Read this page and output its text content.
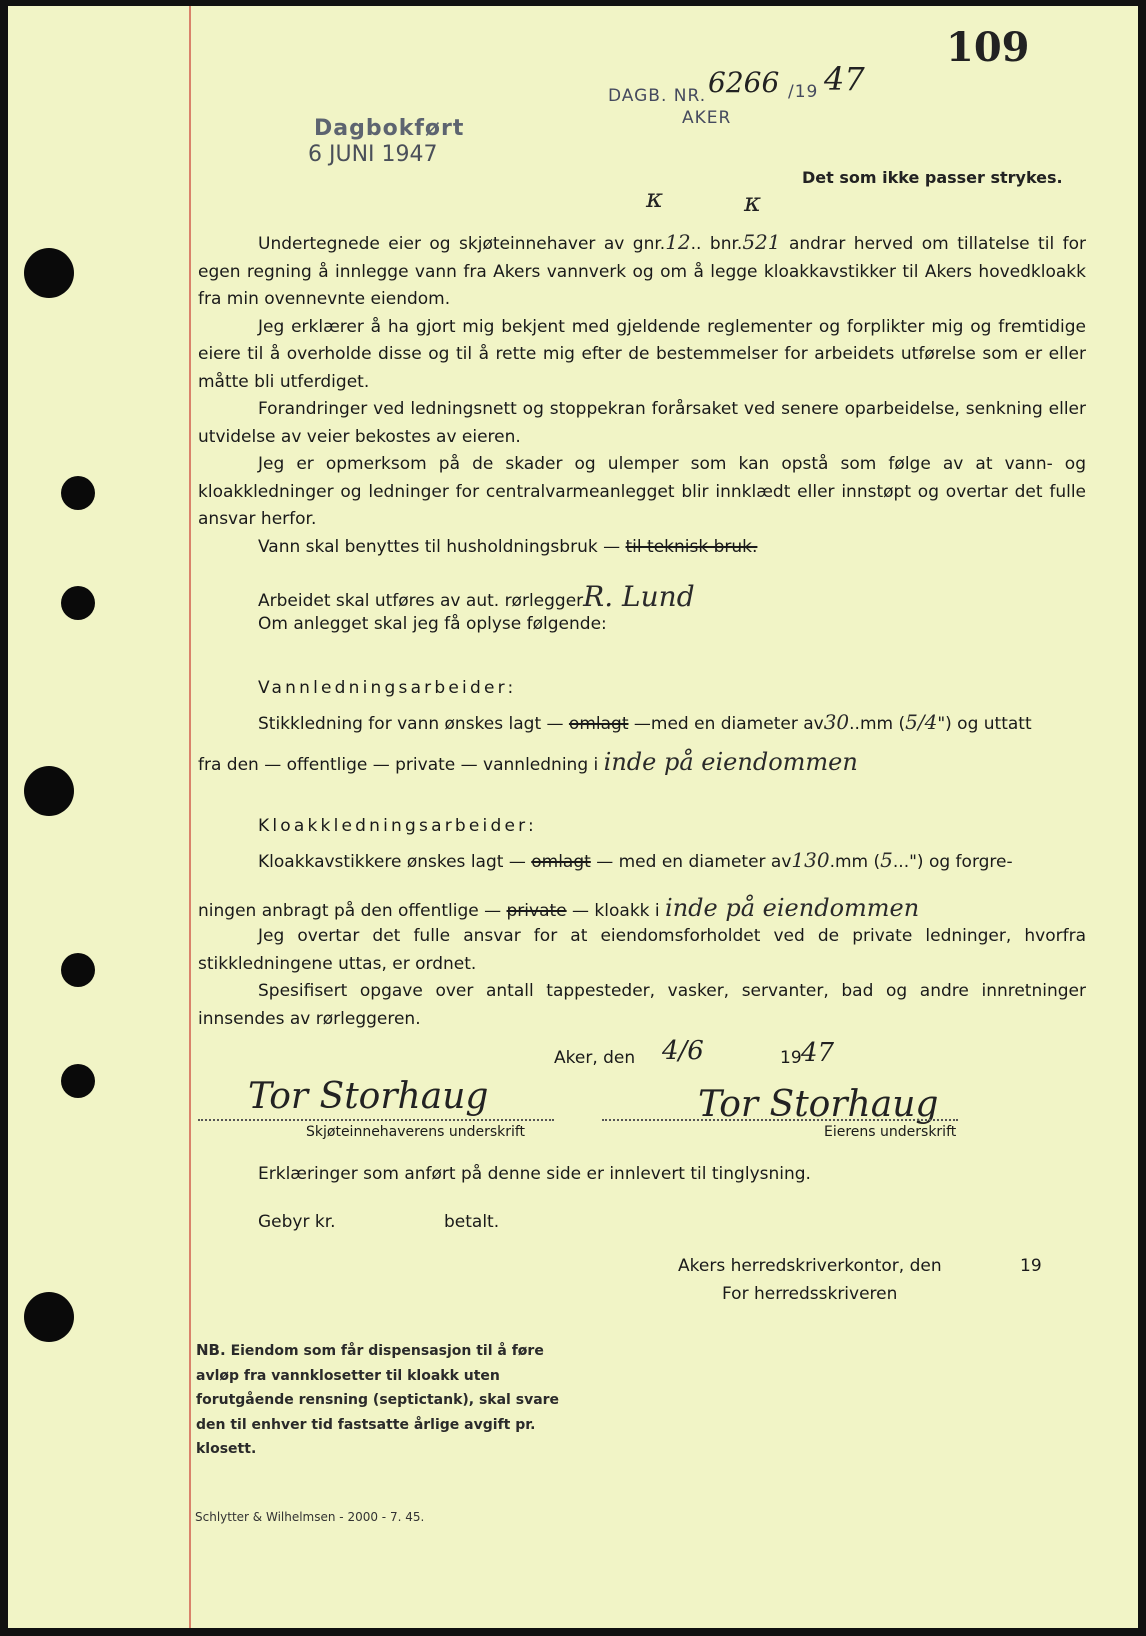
109
Dagbokført
6 JUNI 1947
DAGB. NR. 6266 /19 47
AKER
Det som ikke passer strykes.
κ	κ

Undertegnede eier og skjøteinnehaver av gnr.12.. bnr.521 andrar herved om tillatelse til for egen regning å innlegge vann fra Akers vannverk og om å legge kloakkavstikker til Akers hovedkloakk fra min ovennevnte eiendom.

Jeg erklærer å ha gjort mig bekjent med gjeldende reglementer og forplikter mig og fremtidige eiere til å overholde disse og til å rette mig efter de bestemmelser for arbeidets utførelse som er eller måtte bli utferdiget.

Forandringer ved ledningsnett og stoppekran forårsaket ved senere oparbeidelse, senkning eller utvidelse av veier bekostes av eieren.

Jeg er opmerksom på de skader og ulemper som kan opstå som følge av at vann- og kloakkledninger og ledninger for centralvarmeanlegget blir innklædt eller innstøpt og overtar det fulle ansvar herfor.

Vann skal benyttes til husholdningsbruk — til teknisk bruk.

Arbeidet skal utføres av aut. rørleggerR. Lund
Om anlegget skal jeg få oplyse følgende:
Vannledningsarbeider:
Stikkledning for vann ønskes lagt — omlagt —med en diameter av30..mm (5/4") og uttatt
fra den — offentlige — private — vannledning i inde på eiendommen
Kloakkledningsarbeider:
Kloakkavstikkere ønskes lagt — omlagt — med en diameter av130.mm (5...") og forgre-
ningen anbragt på den offentlige — private — kloakk i inde på eiendommen

Jeg overtar det fulle ansvar for at eiendomsforholdet ved de private ledninger, hvorfra stikkledningene uttas, er ordnet.

Spesifisert opgave over antall tappesteder, vasker, servanter, bad og andre innretninger innsendes av rørleggeren.

Aker, den 4/6	19 47
Tor Storhaug	Tor Storhaug
Skjøteinnehaverens underskrift	Eierens underskrift
Erklæringer som anført på denne side er innlevert til tinglysning.
Gebyr kr.	betalt.
Akers herredskriverkontor, den	19
For herredsskriveren
NB. Eiendom som får dispensasjon til å føre avløp fra vannklosetter til kloakk uten forutgående rensning (septictank), skal svare den til enhver tid fastsatte årlige avgift pr. klosett.
Schlytter & Wilhelmsen - 2000 - 7. 45.
